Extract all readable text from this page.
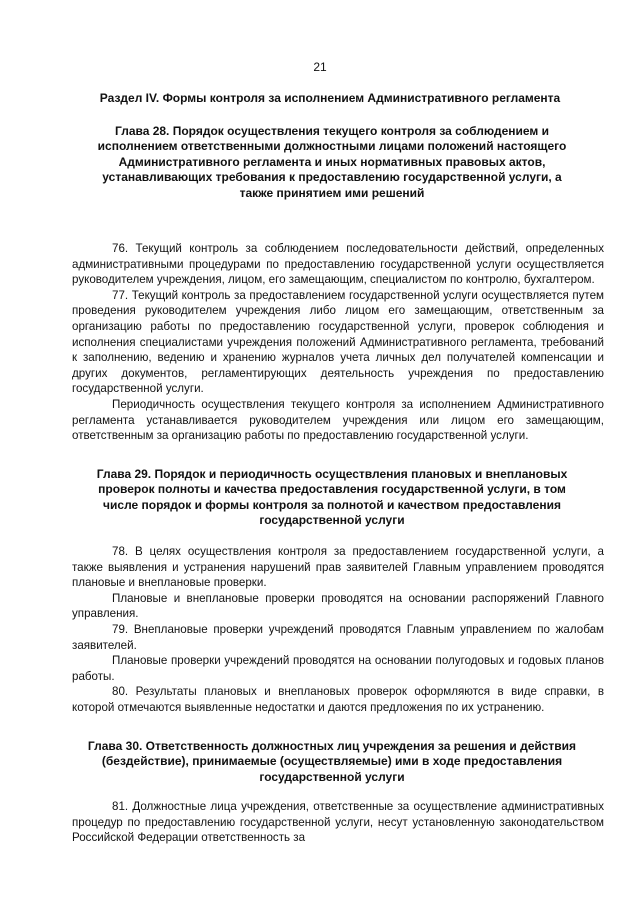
21
Раздел IV. Формы контроля за исполнением Административного регламента
Глава 28. Порядок осуществления текущего контроля за соблюдением и исполнением ответственными должностными лицами положений настоящего Административного регламента и иных нормативных правовых актов, устанавливающих требования к предоставлению государственной услуги, а также принятием ими решений

76. Текущий контроль за соблюдением последовательности действий, определенных административными процедурами по предоставлению государственной услуги осуществляется руководителем учреждения, лицом, его замещающим, специалистом по контролю, бухгалтером.

77. Текущий контроль за предоставлением государственной услуги осуществляется путем проведения руководителем учреждения либо лицом его замещающим, ответственным за организацию работы по предоставлению государственной услуги, проверок соблюдения и исполнения специалистами учреждения положений Административного регламента, требований к заполнению, ведению и хранению журналов учета личных дел получателей компенсации и других документов, регламентирующих деятельность учреждения по предоставлению государственной услуги.

Периодичность осуществления текущего контроля за исполнением Административного регламента устанавливается руководителем учреждения или лицом его замещающим, ответственным за организацию работы по предоставлению государственной услуги.

Глава 29. Порядок и периодичность осуществления плановых и внеплановых проверок полноты и качества предоставления государственной услуги, в том числе порядок и формы контроля за полнотой и качеством предоставления государственной услуги

78. В целях осуществления контроля за предоставлением государственной услуги, а также выявления и устранения нарушений прав заявителей Главным управлением проводятся плановые и внеплановые проверки.

Плановые и внеплановые проверки проводятся на основании распоряжений Главного управления.

79. Внеплановые проверки учреждений проводятся Главным управлением по жалобам заявителей.

Плановые проверки учреждений проводятся на основании полугодовых и годовых планов работы.

80. Результаты плановых и внеплановых проверок оформляются в виде справки, в которой отмечаются выявленные недостатки и даются предложения по их устранению.

Глава 30. Ответственность должностных лиц учреждения за решения и действия (бездействие), принимаемые (осуществляемые) ими в ходе предоставления государственной услуги

81. Должностные лица учреждения, ответственные за осуществление административных процедур по предоставлению государственной услуги, несут установленную законодательством Российской Федерации ответственность за
